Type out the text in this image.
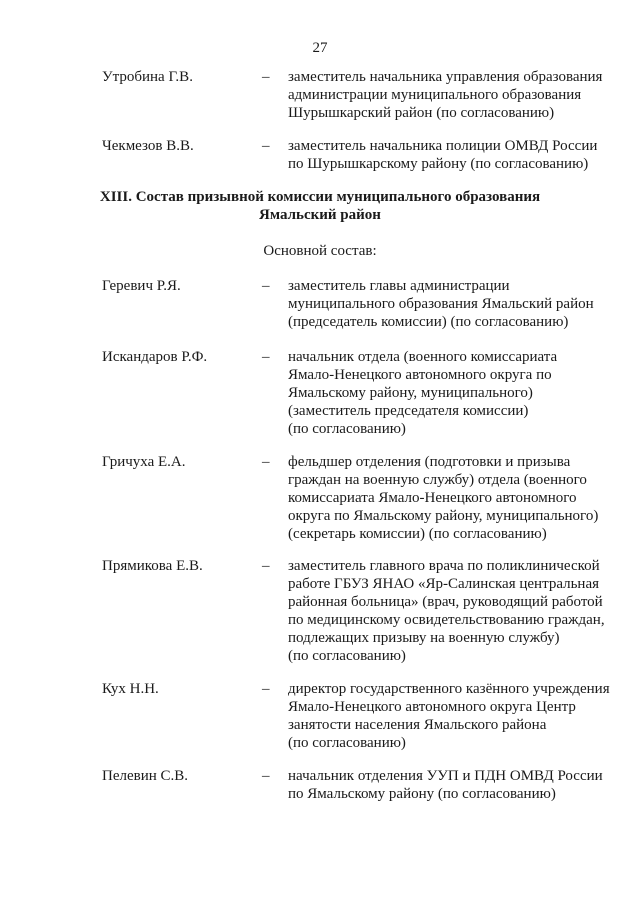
27
Утробина Г.В.	– заместитель начальника управления образования
администрации муниципального образования
Шурышкарский район (по согласованию)
Чекмезов В.В.	– заместитель начальника полиции ОМВД России
по Шурышкарскому району (по согласованию)
XIII. Состав призывной комиссии муниципального образования
Ямальский район
Основной состав:
Геревич Р.Я.	– заместитель главы администрации
муниципального образования Ямальский район
(председатель комиссии) (по согласованию)
Искандаров Р.Ф.	– начальник отдела (военного комиссариата
Ямало-Ненецкого автономного округа по
Ямальскому району, муниципального)
(заместитель председателя комиссии)
(по согласованию)
Гричуха Е.А.	– фельдшер отделения (подготовки и призыва
граждан на военную службу) отдела (военного
комиссариата Ямало-Ненецкого автономного
округа по Ямальскому району, муниципального)
(секретарь комиссии) (по согласованию)
Прямикова Е.В.	– заместитель главного врача по поликлинической
работе ГБУЗ ЯНАО «Яр-Салинская центральная
районная больница» (врач, руководящий работой
по медицинскому освидетельствованию граждан,
подлежащих призыву на военную службу)
(по согласованию)
Кух Н.Н.	– директор государственного казённого учреждения
Ямало-Ненецкого автономного округа Центр
занятости населения Ямальского района
(по согласованию)
Пелевин С.В.	– начальник отделения УУП и ПДН ОМВД России
по Ямальскому району (по согласованию)
